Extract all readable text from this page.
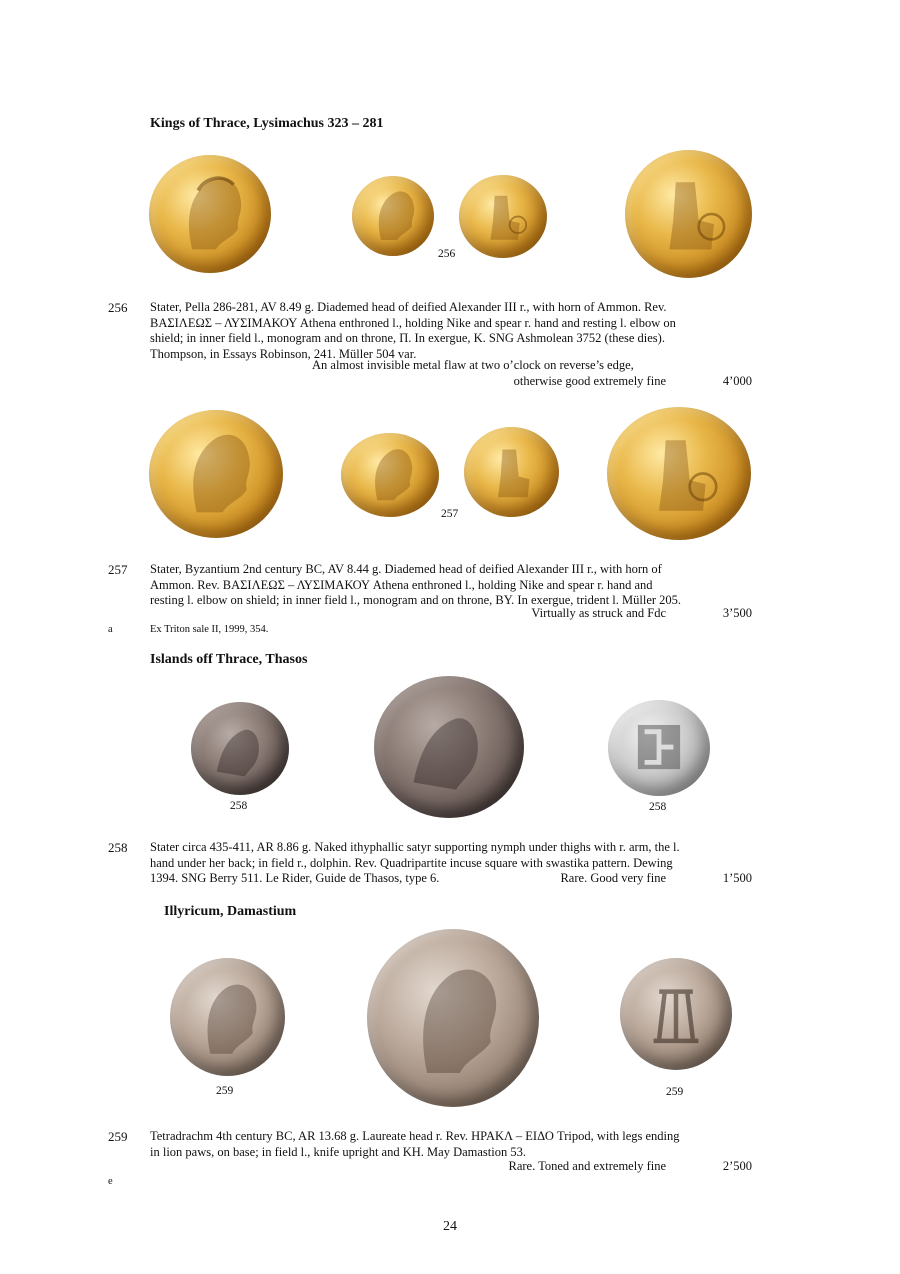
Kings of Thrace, Lysimachus 323 – 281
256
256 Stater, Pella 286-281, AV 8.49 g. Diademed head of deified Alexander III r., with horn of Ammon. Rev.
ΒΑΣΙΛΕΩΣ – ΛΥΣΙΜΑΚΟΥ Athena enthroned l., holding Nike and spear r. hand and resting l. elbow on
shield; in inner field l., monogram and on throne, Π. In exergue, K. SNG Ashmolean 3752 (these dies).
Thompson, in Essays Robinson, 241. Müller 504 var.
An almost invisible metal flaw at two o’clock on reverse’s edge,
otherwise good extremely fine	4’000
257
257 Stater, Byzantium 2nd century BC, AV 8.44 g. Diademed head of deified Alexander III r., with horn of
Ammon. Rev. ΒΑΣΙΛΕΩΣ – ΛΥΣΙΜΑΚΟΥ Athena enthroned l., holding Nike and spear r. hand and
resting l. elbow on shield; in inner field l., monogram and on throne, BY. In exergue, trident l. Müller 205.
Virtually as struck and Fdc	3’500
a	Ex Triton sale II, 1999, 354.
Islands off Thrace, Thasos
258	258
258 Stater circa 435-411, AR 8.86 g. Naked ithyphallic satyr supporting nymph under thighs with r. arm, the l.
hand under her back; in field r., dolphin. Rev. Quadripartite incuse square with swastika pattern. Dewing
1394. SNG Berry 511. Le Rider, Guide de Thasos, type 6.	Rare. Good very fine	1’500
Illyricum, Damastium
259	259
259 Tetradrachm 4th century BC, AR 13.68 g. Laureate head r. Rev. ΗΡΑΚΛ – ΕΙΔΟ Tripod, with legs ending
in lion paws, on base; in field l., knife upright and KH. May Damastion 53.
Rare. Toned and extremely fine	2’500
e
24
